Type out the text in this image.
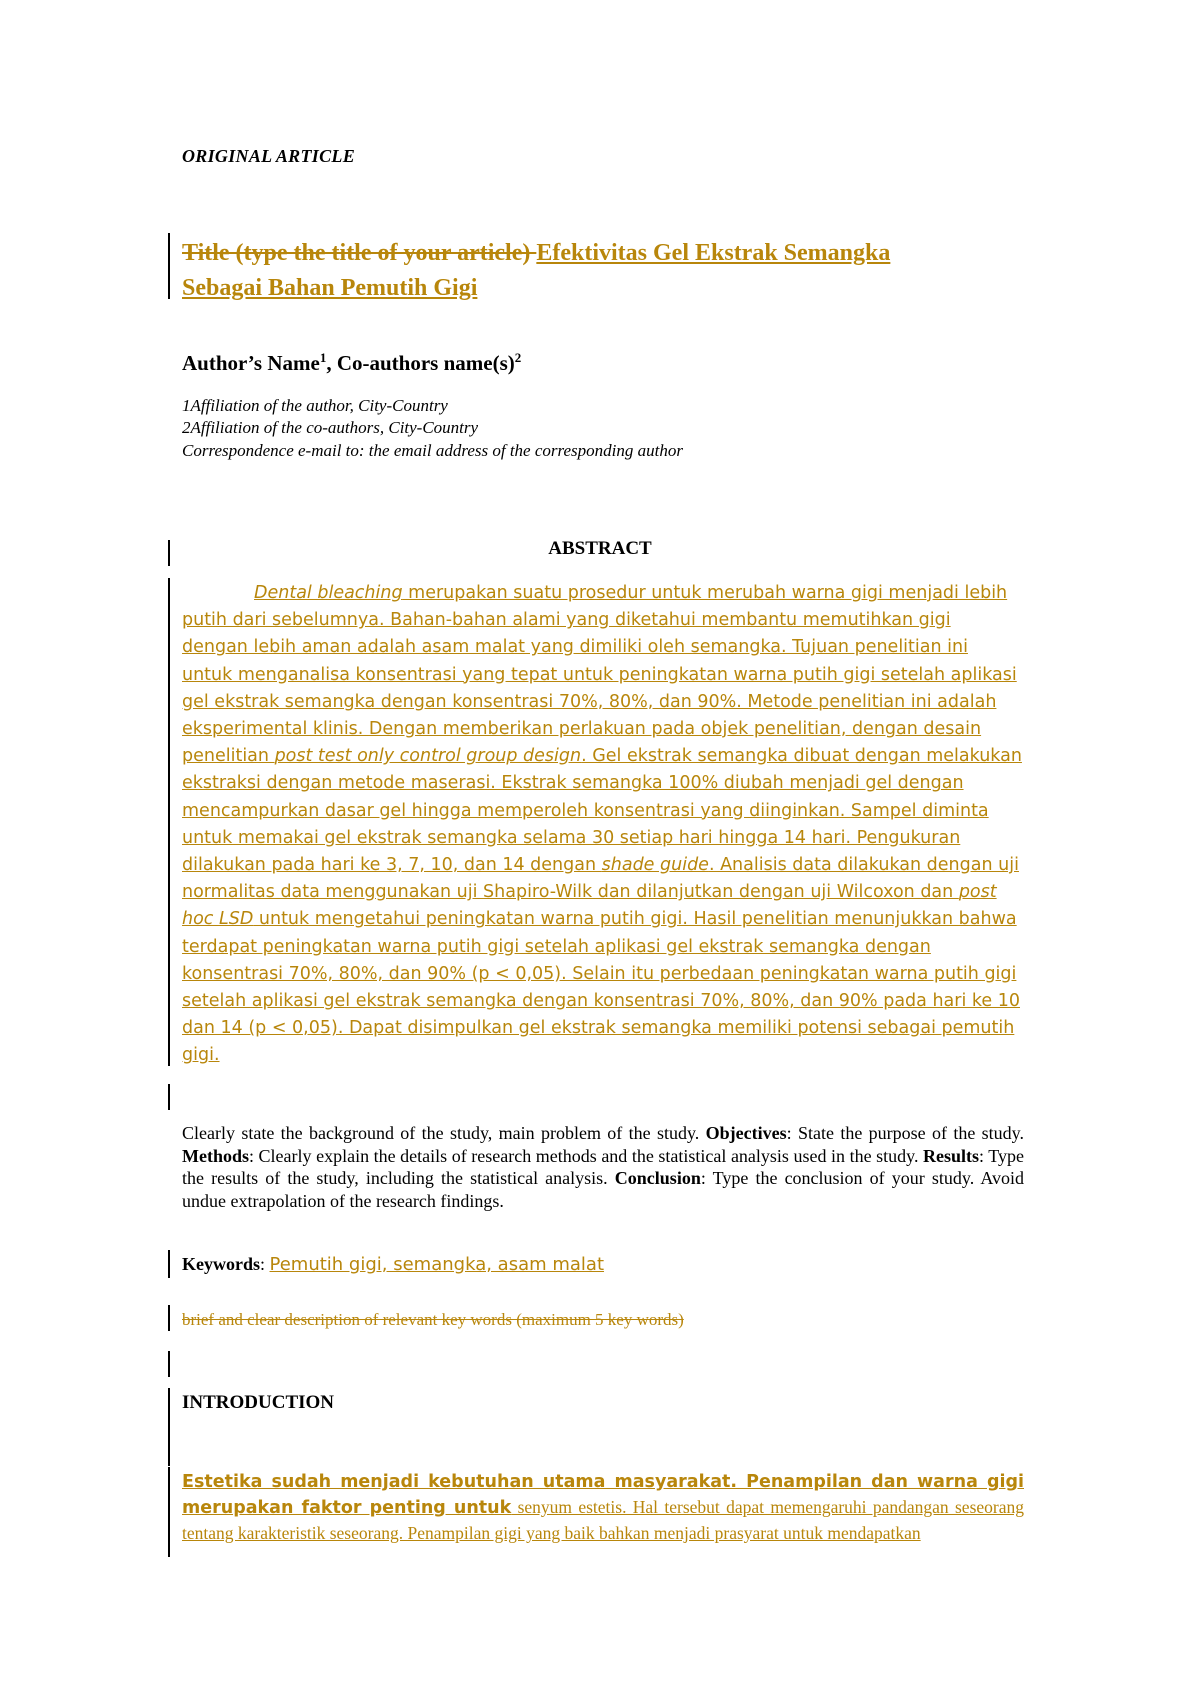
ORIGINAL ARTICLE
Title (type the title of your article) Efektivitas Gel Ekstrak Semangka Sebagai Bahan Pemutih Gigi
Author’s Name$^1$, Co-authors $name(s)^2$
1Affiliation of the author, City-Country
2Affiliation of the co-authors, City-Country
Correspondence e-mail to: the email address of the corresponding author
ABSTRACT
Dental bleaching merupakan suatu prosedur untuk merubah warna gigi menjadi lebih putih dari sebelumnya. Bahan-bahan alami yang diketahui membantu memutihkan gigi dengan lebih aman adalah asam malat yang dimiliki oleh semangka. Tujuan penelitian ini untuk menganalisa konsentrasi yang tepat untuk peningkatan warna putih gigi setelah aplikasi gel ekstrak semangka dengan konsentrasi 70%, 80%, dan 90%. Metode penelitian ini adalah eksperimental klinis. Dengan memberikan perlakuan pada objek penelitian, dengan desain penelitian post test only control group design. Gel ekstrak semangka dibuat dengan melakukan ekstraksi dengan metode maserasi. Ekstrak semangka 100% diubah menjadi gel dengan mencampurkan dasar gel hingga memperoleh konsentrasi yang diinginkan. Sampel diminta untuk memakai gel ekstrak semangka selama 30 setiap hari hingga 14 hari. Pengukuran dilakukan pada hari ke 3, 7, 10, dan 14 dengan shade guide. Analisis data dilakukan dengan uji normalitas data menggunakan uji Shapiro-Wilk dan dilanjutkan dengan uji Wilcoxon dan post hoc LSD untuk mengetahui peningkatan warna putih gigi. Hasil penelitian menunjukkan bahwa terdapat peningkatan warna putih gigi setelah aplikasi gel ekstrak semangka dengan konsentrasi 70%, 80%, dan 90% (p < 0,05). Selain itu perbedaan peningkatan warna putih gigi setelah aplikasi gel ekstrak semangka dengan konsentrasi 70%, 80%, dan 90% pada hari ke 10 dan 14 (p < 0,05). Dapat disimpulkan gel ekstrak semangka memiliki potensi sebagai pemutih gigi.
Clearly state the background of the study, main problem of the study. Objectives: State the purpose of the study. Methods: Clearly explain the details of research methods and the statistical analysis used in the study. Results: Type the results of the study, including the statistical analysis. Conclusion: Type the conclusion of your study. Avoid undue extrapolation of the research findings.
Keywords: Pemutih gigi, semangka, asam malat
brief and clear description of relevant key words (maximum 5 key words)
INTRODUCTION
Estetika sudah menjadi kebutuhan utama masyarakat. Penampilan dan warna gigi merupakan faktor penting untuk senyum estetis. Hal tersebut dapat memengaruhi pandangan seseorang tentang karakteristik seseorang. Penampilan gigi yang baik bahkan menjadi prasyarat untuk mendapatkan
